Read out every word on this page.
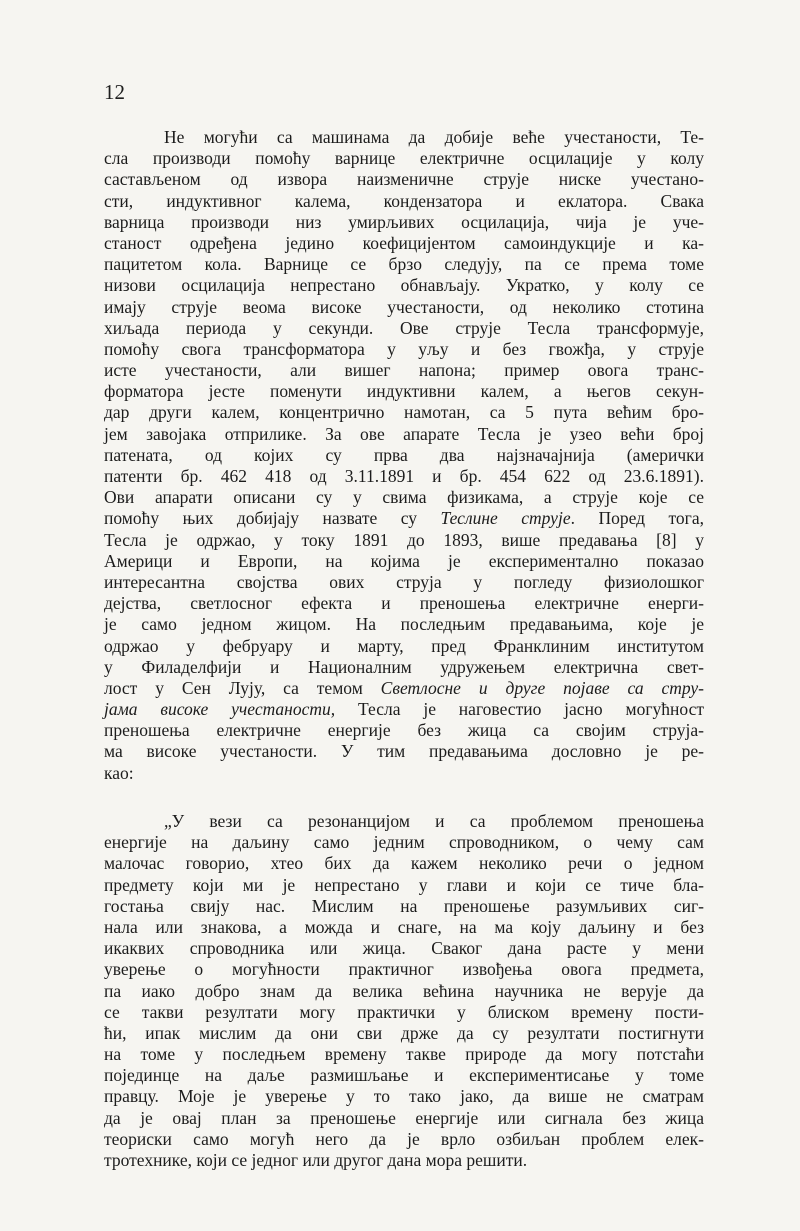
12
Не могући са машинама да добије веће учестаности, Те-
сла производи помоћу варнице електричне осцилације у колу
састављеном од извора наизменичне струје ниске учестано-
сти, индуктивног калема, кондензатора и еклатора. Свака
варница производи низ умирљивих осцилација, чија је уче-
станост одређена једино коефицијентом самоиндукције и ка-
пацитетом кола. Варнице се брзо следују, па се према томе
низови осцилација непрестано обнављају. Укратко, у колу се
имају струје веома високе учестаности, од неколико стотина
хиљада периода у секунди. Ове струје Тесла трансформује,
помоћу свога трансформатора у уљу и без гвожђа, у струје
исте учестаности, али вишег напона; пример овога транс-
форматора јесте поменути индуктивни калем, а његов секун-
дар други калем, концентрично намотан, са 5 пута већим бро-
јем завојака отприлике. За ове апарате Тесла је узео већи број
патената, од којих су прва два најзначајнија (амерички
патенти бр. 462 418 од 3.11.1891 и бр. 454 622 од 23.6.1891).
Ови апарати описани су у свима физикама, а струје које се
помоћу њих добијају назвате су Теслине струје. Поред тога,
Тесла је одржао, у току 1891 до 1893, више предавања [8] у
Америци и Европи, на којима је експериментално показао
интересантна својства ових струја у погледу физиолошког
дејства, светлосног ефекта и преношења електричне енерги-
је само једном жицом. На последњим предавањима, које је
одржао у фебруару и марту, пред Франклиним институтом
у Филаделфији и Националним удружењем електрична свет-
лост у Сен Лују, са темом Светлосне и друге појаве са стру-
јама високе учестаности, Тесла је наговестио јасно могућност
преношења електричне енергије без жица са својим струја-
ма високе учестаности. У тим предавањима дословно је ре-
као:
„У вези са резонанцијом и са проблемом преношења
енергије на даљину само једним спроводником, о чему сам
малочас говорио, хтео бих да кажем неколико речи о једном
предмету који ми је непрестано у глави и који се тиче бла-
гостања свију нас. Мислим на преношење разумљивих сиг-
нала или знакова, а можда и снаге, на ма коју даљину и без
икаквих спроводника или жица. Сваког дана расте у мени
уверење о могућности практичног извођења овога предмета,
па иако добро знам да велика већина научника не верује да
се такви резултати могу практички у блиском времену пости-
ћи, ипак мислим да они сви држе да су резултати постигнути
на томе у последњем времену такве природе да могу потстаћи
појединце на даље размишљање и експериментисање у томе
правцу. Моје је уверење у то тако јако, да више не сматрам
да је овај план за преношење енергије или сигнала без жица
теориски само могућ него да је врло озбиљан проблем елек-
тротехнике, који се једног или другог дана мора решити.
